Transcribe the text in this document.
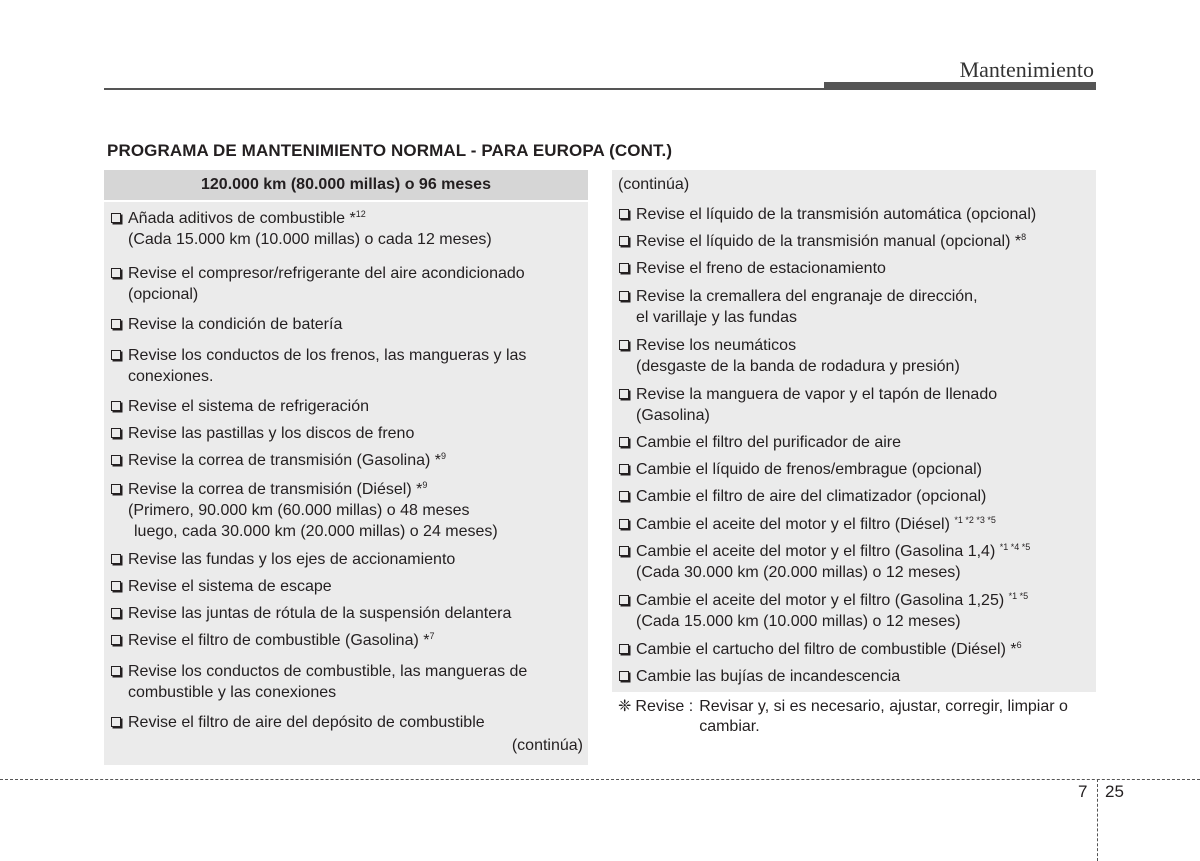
Mantenimiento
PROGRAMA DE MANTENIMIENTO NORMAL - PARA EUROPA (CONT.)
120.000 km (80.000 millas) o 96 meses
Añada aditivos de combustible *$^{12}$
(Cada 15.000 km (10.000 millas) o cada 12 meses)
Revise el compresor/refrigerante del aire acondicionado
(opcional)
Revise la condición de batería
Revise los conductos de los frenos, las mangueras y las
conexiones.
Revise el sistema de refrigeración
Revise las pastillas y los discos de freno
Revise la correa de transmisión (Gasolina) *$^9$
Revise la correa de transmisión (Diésel) *$^9$
(Primero, 90.000 km (60.000 millas) o 48 meses
luego, cada 30.000 km (20.000 millas) o 24 meses)
Revise las fundas y los ejes de accionamiento
Revise el sistema de escape
Revise las juntas de rótula de la suspensión delantera
Revise el filtro de combustible (Gasolina) *$^7$
Revise los conductos de combustible, las mangueras de
combustible y las conexiones
Revise el filtro de aire del depósito de combustible
(continúa)
(continúa)
Revise el líquido de la transmisión automática (opcional)
Revise el líquido de la transmisión manual (opcional) *$^8$
Revise el freno de estacionamiento
Revise la cremallera del engranaje de dirección,
el varillaje y las fundas
Revise los neumáticos
(desgaste de la banda de rodadura y presión)
Revise la manguera de vapor y el tapón de llenado
(Gasolina)
Cambie el filtro del purificador de aire
Cambie el líquido de frenos/embrague (opcional)
Cambie el filtro de aire del climatizador (opcional)
Cambie el aceite del motor y el filtro (Diésel) $^{*1 *2 *3 *5}$
Cambie el aceite del motor y el filtro (Gasolina 1,4) $^{*1 *4 *5}$
(Cada 30.000 km (20.000 millas) o 12 meses)
Cambie el aceite del motor y el filtro (Gasolina 1,25) $^{*1 *5}$
(Cada 15.000 km (10.000 millas) o 12 meses)
Cambie el cartucho del filtro de combustible (Diésel) *$^6$
Cambie las bujías de incandescencia
❈ Revise : Revisar y, si es necesario, ajustar, corregir, limpiar o cambiar.
7 25
